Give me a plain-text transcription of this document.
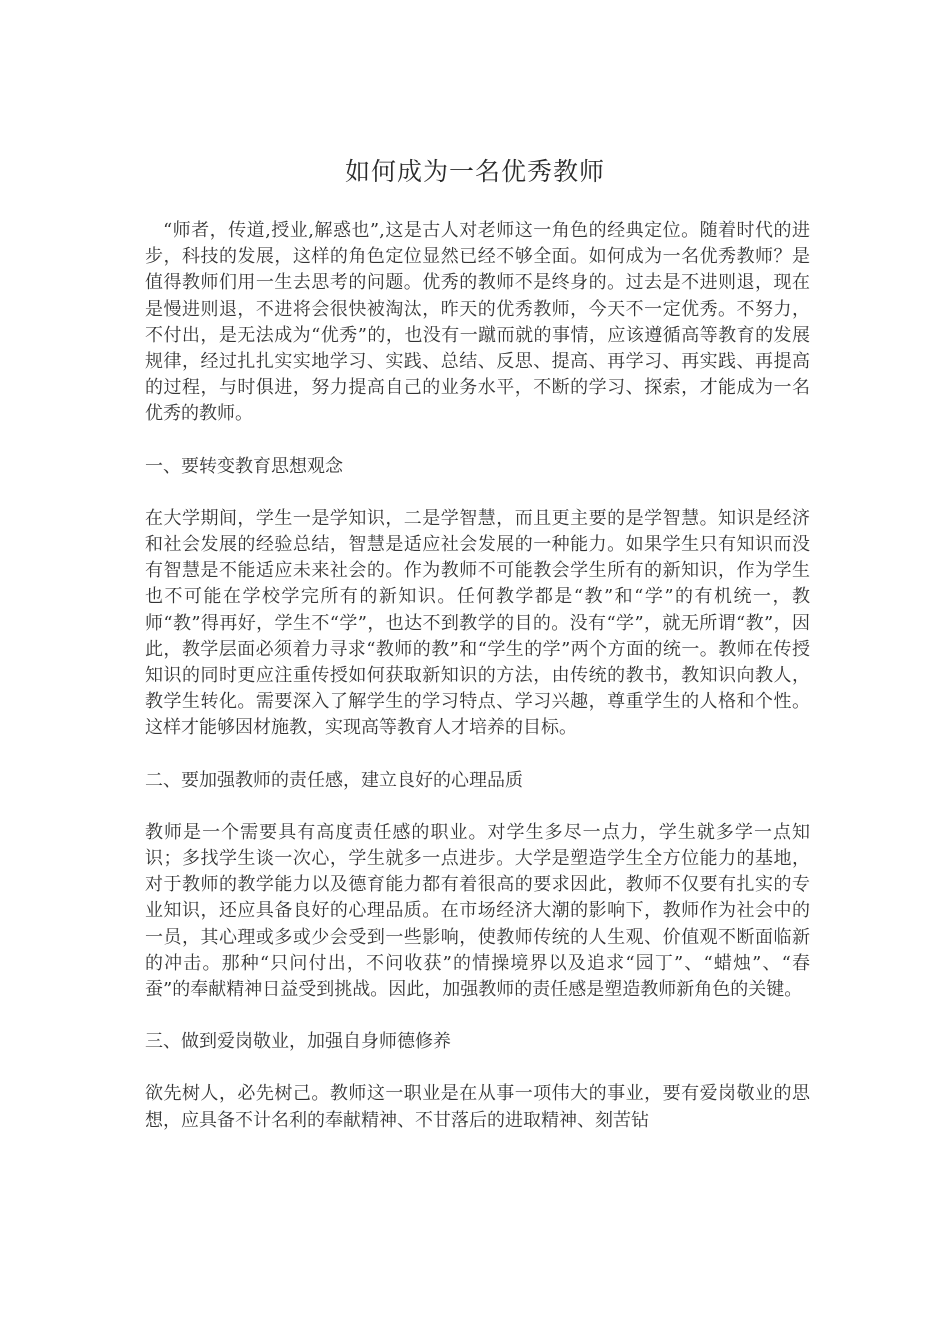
如何成为一名优秀教师

“师者，传道,授业,解惑也”,这是古人对老师这一角色的经典定位。随着时代的进步，科技的发展，这样的角色定位显然已经不够全面。如何成为一名优秀教师？是值得教师们用一生去思考的问题。优秀的教师不是终身的。过去是不进则退，现在是慢进则退，不进将会很快被淘汰，昨天的优秀教师，今天不一定优秀。不努力，不付出，是无法成为“优秀”的，也没有一蹴而就的事情，应该遵循高等教育的发展规律，经过扎扎实实地学习、实践、总结、反思、提高、再学习、再实践、再提高的过程，与时俱进，努力提高自己的业务水平，不断的学习、探索，才能成为一名优秀的教师。

一、要转变教育思想观念

在大学期间，学生一是学知识，二是学智慧，而且更主要的是学智慧。知识是经济和社会发展的经验总结，智慧是适应社会发展的一种能力。如果学生只有知识而没有智慧是不能适应未来社会的。作为教师不可能教会学生所有的新知识，作为学生也不可能在学校学完所有的新知识。任何教学都是“教”和“学”的有机统一，教师“教”得再好，学生不“学”，也达不到教学的目的。没有“学”，就无所谓“教”，因此，教学层面必须着力寻求“教师的教”和“学生的学”两个方面的统一。教师在传授知识的同时更应注重传授如何获取新知识的方法，由传统的教书，教知识向教人，教学生转化。需要深入了解学生的学习特点、学习兴趣，尊重学生的人格和个性。这样才能够因材施教，实现高等教育人才培养的目标。

二、要加强教师的责任感，建立良好的心理品质

教师是一个需要具有高度责任感的职业。对学生多尽一点力，学生就多学一点知识；多找学生谈一次心，学生就多一点进步。大学是塑造学生全方位能力的基地，对于教师的教学能力以及德育能力都有着很高的要求因此，教师不仅要有扎实的专业知识，还应具备良好的心理品质。在市场经济大潮的影响下，教师作为社会中的一员，其心理或多或少会受到一些影响，使教师传统的人生观、价值观不断面临新的冲击。那种“只问付出，不问收获”的情操境界以及追求“园丁”、“蜡烛”、“春蚕”的奉献精神日益受到挑战。因此，加强教师的责任感是塑造教师新角色的关键。

三、做到爱岗敬业，加强自身师德修养

欲先树人，必先树己。教师这一职业是在从事一项伟大的事业，要有爱岗敬业的思想，应具备不计名利的奉献精神、不甘落后的进取精神、刻苦钻
